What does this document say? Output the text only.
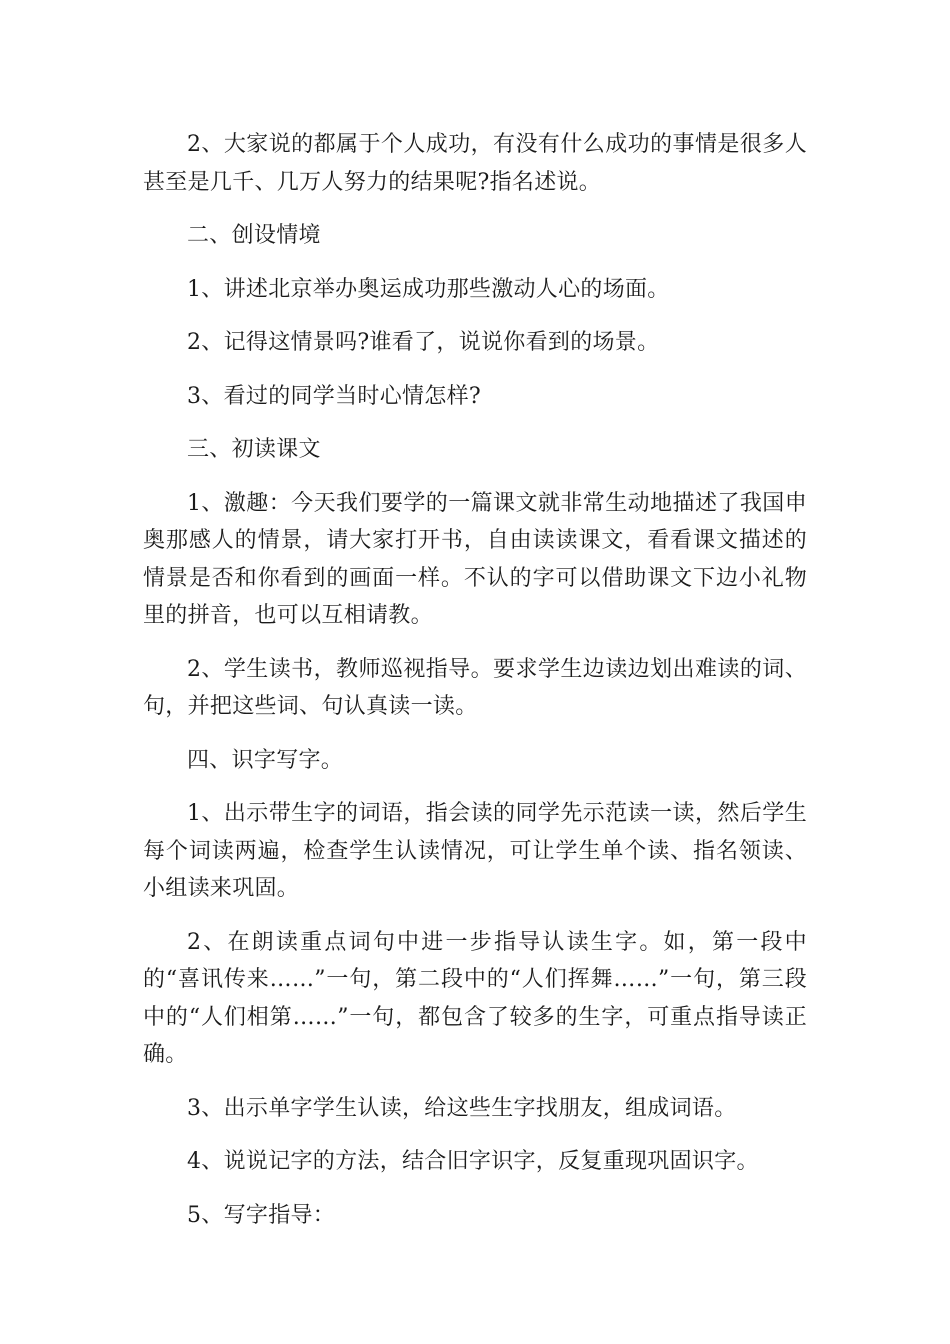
2、大家说的都属于个人成功，有没有什么成功的事情是很多人甚至是几千、几万人努力的结果呢?指名述说。

二、创设情境

1、讲述北京举办奥运成功那些激动人心的场面。

2、记得这情景吗?谁看了，说说你看到的场景。

3、看过的同学当时心情怎样?

三、初读课文

1、激趣：今天我们要学的一篇课文就非常生动地描述了我国申奥那感人的情景，请大家打开书，自由读读课文，看看课文描述的情景是否和你看到的画面一样。不认的字可以借助课文下边小礼物里的拼音，也可以互相请教。

2、学生读书，教师巡视指导。要求学生边读边划出难读的词、句，并把这些词、句认真读一读。

四、识字写字。

1、出示带生字的词语，指会读的同学先示范读一读，然后学生每个词读两遍，检查学生认读情况，可让学生单个读、指名领读、小组读来巩固。

2、在朗读重点词句中进一步指导认读生字。如，第一段中的“喜讯传来……”一句，第二段中的“人们挥舞……”一句，第三段中的“人们相第……”一句，都包含了较多的生字，可重点指导读正确。

3、出示单字学生认读，给这些生字找朋友，组成词语。

4、说说记字的方法，结合旧字识字，反复重现巩固识字。

5、写字指导：
